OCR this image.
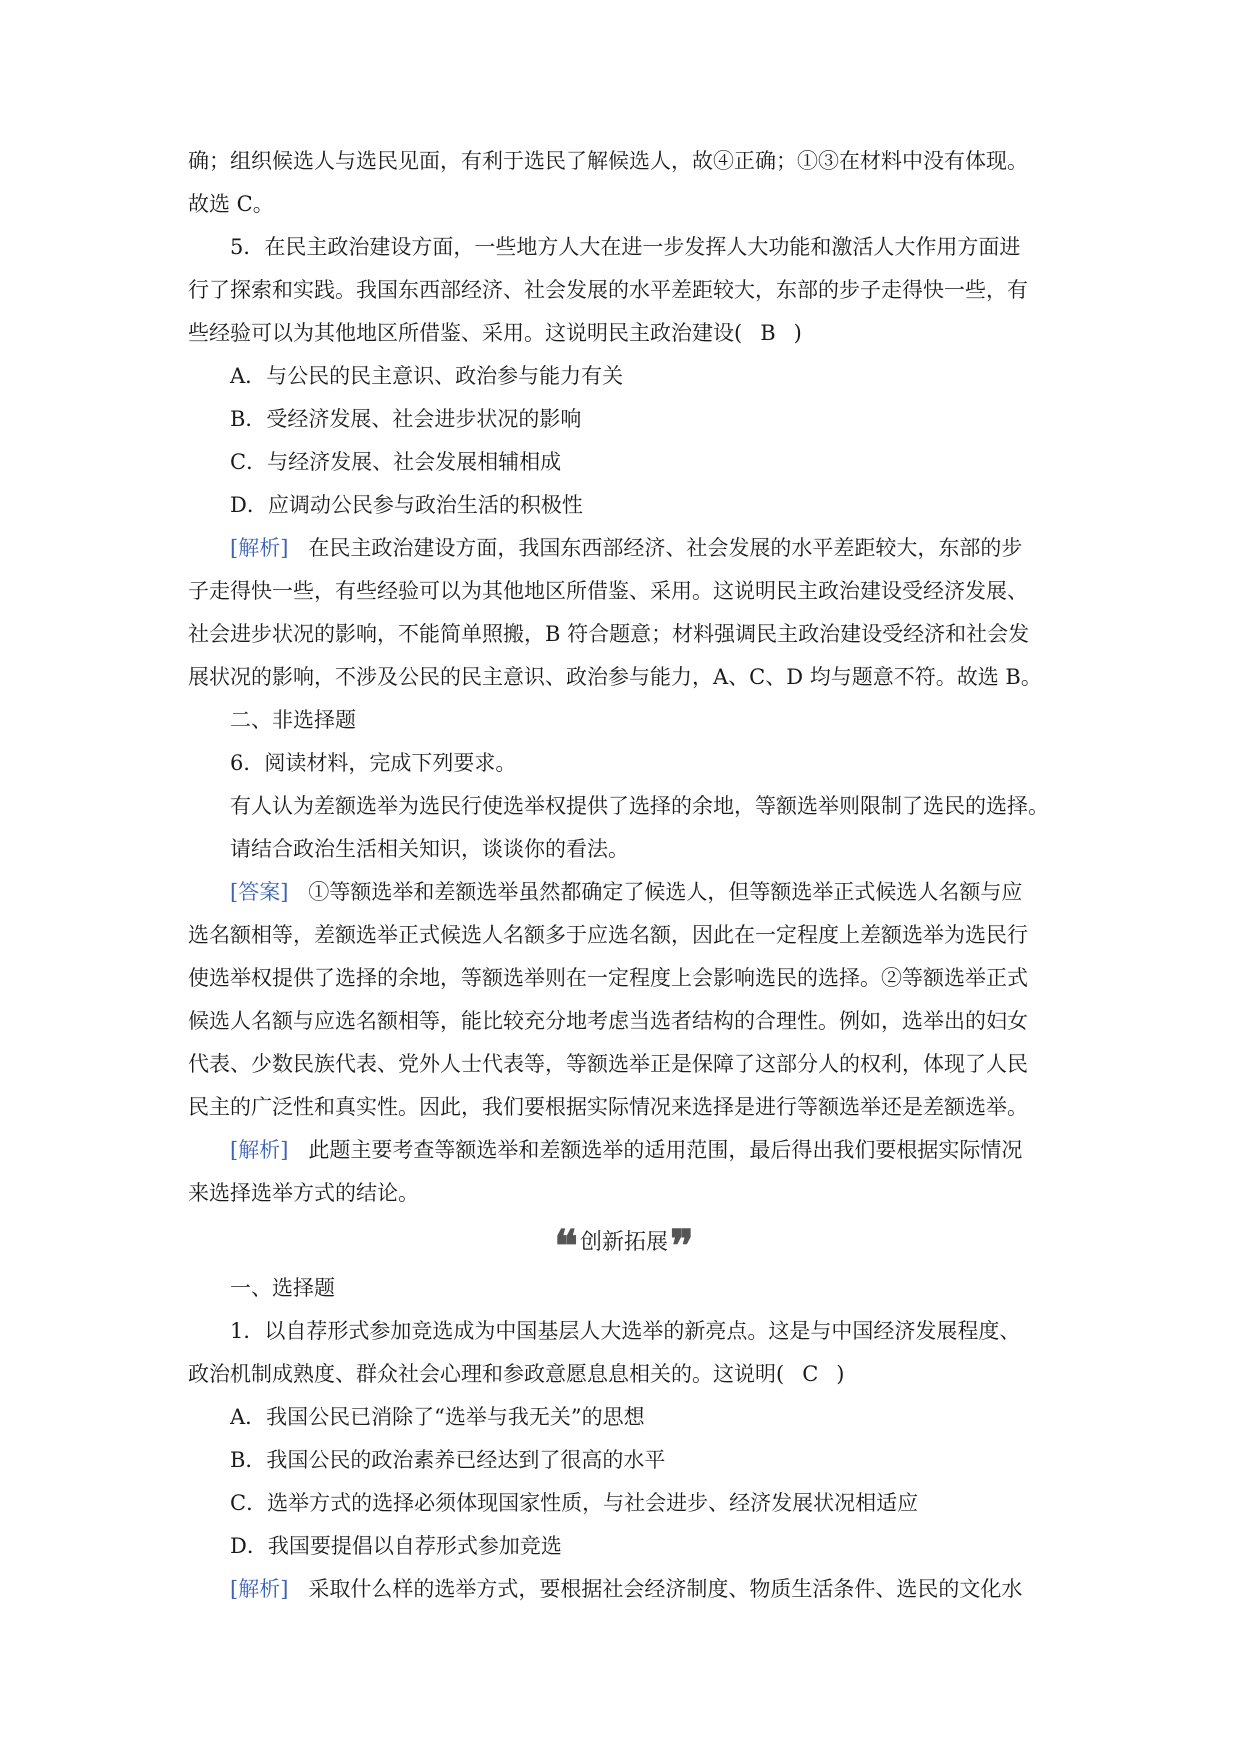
确；组织候选人与选民见面，有利于选民了解候选人，故④正确；①③在材料中没有体现。

故选 C。

5．在民主政治建设方面，一些地方人大在进一步发挥人大功能和激活人大作用方面进

行了探索和实践。我国东西部经济、社会发展的水平差距较大，东部的步子走得快一些，有

些经验可以为其他地区所借鉴、采用。这说明民主政治建设( B )

A．与公民的民主意识、政治参与能力有关

B．受经济发展、社会进步状况的影响

C．与经济发展、社会发展相辅相成

D．应调动公民参与政治生活的积极性

[解析] 在民主政治建设方面，我国东西部经济、社会发展的水平差距较大，东部的步

子走得快一些，有些经验可以为其他地区所借鉴、采用。这说明民主政治建设受经济发展、

社会进步状况的影响，不能简单照搬，B 符合题意；材料强调民主政治建设受经济和社会发

展状况的影响，不涉及公民的民主意识、政治参与能力，A、C、D 均与题意不符。故选 B。

二、非选择题

6．阅读材料，完成下列要求。

有人认为差额选举为选民行使选举权提供了选择的余地，等额选举则限制了选民的选择。

请结合政治生活相关知识，谈谈你的看法。

[答案] ①等额选举和差额选举虽然都确定了候选人，但等额选举正式候选人名额与应

选名额相等，差额选举正式候选人名额多于应选名额，因此在一定程度上差额选举为选民行

使选举权提供了选择的余地，等额选举则在一定程度上会影响选民的选择。②等额选举正式

候选人名额与应选名额相等，能比较充分地考虑当选者结构的合理性。例如，选举出的妇女

代表、少数民族代表、党外人士代表等，等额选举正是保障了这部分人的权利，体现了人民

民主的广泛性和真实性。因此，我们要根据实际情况来选择是进行等额选举还是差额选举。

[解析] 此题主要考查等额选举和差额选举的适用范围，最后得出我们要根据实际情况

来选择选举方式的结论。

❝创新拓展❞

一、选择题

1．以自荐形式参加竞选成为中国基层人大选举的新亮点。这是与中国经济发展程度、

政治机制成熟度、群众社会心理和参政意愿息息相关的。这说明( C )

A．我国公民已消除了“选举与我无关”的思想

B．我国公民的政治素养已经达到了很高的水平

C．选举方式的选择必须体现国家性质，与社会进步、经济发展状况相适应

D．我国要提倡以自荐形式参加竞选

[解析] 采取什么样的选举方式，要根据社会经济制度、物质生活条件、选民的文化水
